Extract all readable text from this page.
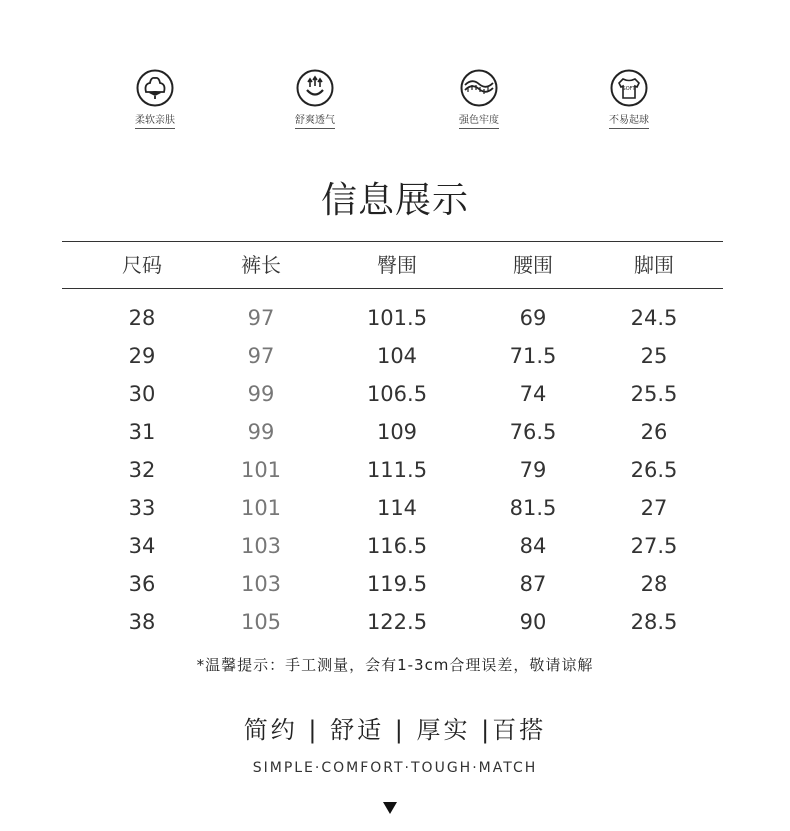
柔软亲肤	舒爽透气	强色牢度
SOFT
不易起球
信息展示
尺码	裤长	臀围	腰围	脚围
28	97	101.5	69	24.5
29	97	104	71.5	25
30	99	106.5	74	25.5
31	99	109	76.5	26
32	101	111.5	79	26.5
33	101	114	81.5	27
34	103	116.5	84	27.5
36	103	119.5	87	28
38	105	122.5	90	28.5
*温馨提示：手工测量，会有1-3cm合理误差，敬请谅解
简约 | 舒适 | 厚实 |百搭
SIMPLE·COMFORT·TOUGH·MATCH
